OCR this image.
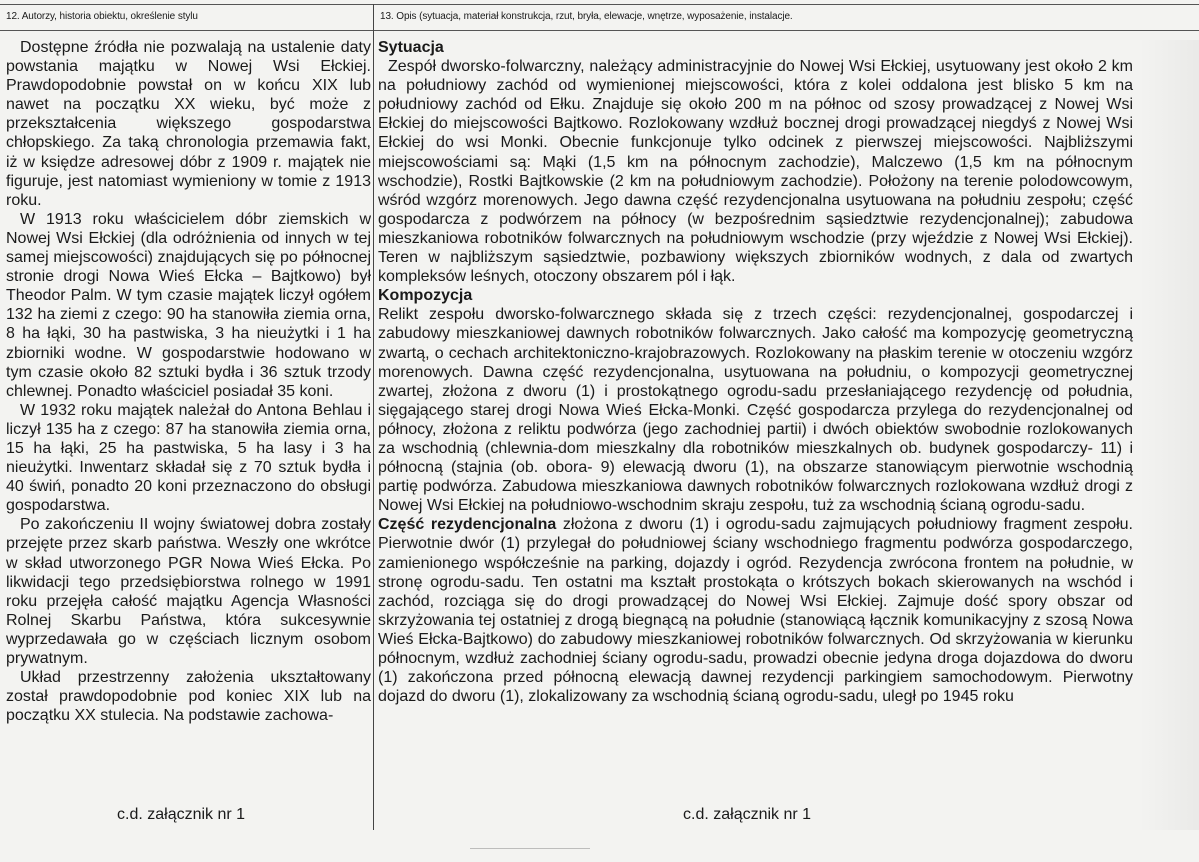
12. Autorzy, historia obiektu, określenie stylu	13. Opis (sytuacja, materiał konstrukcja, rzut, bryła, elewacje, wnętrze, wyposażenie, instalacje.

Dostępne źródła nie pozwalają na ustalenie daty powstania majątku w Nowej Wsi Ełckiej. Prawdopodobnie powstał on w końcu XIX lub nawet na początku XX wieku, być może z przekształcenia większego gospodarstwa chłopskiego. Za taką chronologia przemawia fakt, iż w księdze adresowej dóbr z 1909 r. majątek nie figuruje, jest natomiast wymieniony w tomie z 1913 roku.

W 1913 roku właścicielem dóbr ziemskich w Nowej Wsi Ełckiej (dla odróżnienia od innych w tej samej miejscowości) znajdujących się po północnej stronie drogi Nowa Wieś Ełcka – Bajtkowo) był Theodor Palm. W tym czasie majątek liczył ogółem 132 ha ziemi z czego: 90 ha stanowiła ziemia orna, 8 ha łąki, 30 ha pastwiska, 3 ha nieużytki i 1 ha zbiorniki wodne. W gospodarstwie hodowano w tym czasie około 82 sztuki bydła i 36 sztuk trzody chlewnej. Ponadto właściciel posiadał 35 koni.

W 1932 roku majątek należał do Antona Behlau i liczył 135 ha z czego: 87 ha stanowiła ziemia orna, 15 ha łąki, 25 ha pastwiska, 5 ha lasy i 3 ha nieużytki. Inwentarz składał się z 70 sztuk bydła i 40 świń, ponadto 20 koni przeznaczono do obsługi gospodarstwa.

Po zakończeniu II wojny światowej dobra zostały przejęte przez skarb państwa. Weszły one wkrótce w skład utworzonego PGR Nowa Wieś Ełcka. Po likwidacji tego przedsiębiorstwa rolnego w 1991 roku przejęła całość majątku Agencja Własności Rolnej Skarbu Państwa, która sukcesywnie wyprzedawała go w częściach licznym osobom prywatnym.

Układ przestrzenny założenia ukształtowany został prawdopodobnie pod koniec XIX lub na początku XX stulecia. Na podstawie zachowa-

c.d. załącznik nr 1
Sytuacja

Zespół dworsko-folwarczny, należący administracyjnie do Nowej Wsi Ełckiej, usytuowany jest około 2 km na południowy zachód od wymienionej miejscowości, która z kolei oddalona jest blisko 5 km na południowy zachód od Ełku. Znajduje się około 200 m na północ od szosy prowadzącej z Nowej Wsi Ełckiej do miejscowości Bajtkowo. Rozlokowany wzdłuż bocznej drogi prowadzącej niegdyś z Nowej Wsi Ełckiej do wsi Monki. Obecnie funkcjonuje tylko odcinek z pierwszej miejscowości. Najbliższymi miejscowościami są: Mąki (1,5 km na północnym zachodzie), Malczewo (1,5 km na północnym wschodzie), Rostki Bajtkowskie (2 km na południowym zachodzie). Położony na terenie polodowcowym, wśród wzgórz morenowych. Jego dawna część rezydencjonalna usytuowana na południu zespołu; część gospodarcza z podwórzem na północy (w bezpośrednim sąsiedztwie rezydencjonalnej); zabudowa mieszkaniowa robotników folwarcznych na południowym wschodzie (przy wjeździe z Nowej Wsi Ełckiej). Teren w najbliższym sąsiedztwie, pozbawiony większych zbiorników wodnych, z dala od zwartych kompleksów leśnych, otoczony obszarem pól i łąk.

Kompozycja

Relikt zespołu dworsko-folwarcznego składa się z trzech części: rezydencjonalnej, gospodarczej i zabudowy mieszkaniowej dawnych robotników folwarcznych. Jako całość ma kompozycję geometryczną zwartą, o cechach architektoniczno-krajobrazowych. Rozlokowany na płaskim terenie w otoczeniu wzgórz morenowych. Dawna część rezydencjonalna, usytuowana na południu, o kompozycji geometrycznej zwartej, złożona z dworu (1) i prostokątnego ogrodu-sadu przesłaniającego rezydencję od południa, sięgającego starej drogi Nowa Wieś Ełcka-Monki. Część gospodarcza przylega do rezydencjonalnej od północy, złożona z reliktu podwórza (jego zachodniej partii) i dwóch obiektów swobodnie rozlokowanych za wschodnią (chlewnia-dom mieszkalny dla robotników mieszkalnych ob. budynek gospodarczy- 11) i północną (stajnia (ob. obora- 9) elewacją dworu (1), na obszarze stanowiącym pierwotnie wschodnią partię podwórza. Zabudowa mieszkaniowa dawnych robotników folwarcznych rozlokowana wzdłuż drogi z Nowej Wsi Ełckiej na południowo-wschodnim skraju zespołu, tuż za wschodnią ścianą ogrodu-sadu.

Część rezydencjonalna złożona z dworu (1) i ogrodu-sadu zajmujących południowy fragment zespołu. Pierwotnie dwór (1) przylegał do południowej ściany wschodniego fragmentu podwórza gospodarczego, zamienionego współcześnie na parking, dojazdy i ogród. Rezydencja zwrócona frontem na południe, w stronę ogrodu-sadu. Ten ostatni ma kształt prostokąta o krótszych bokach skierowanych na wschód i zachód, rozciąga się do drogi prowadzącej do Nowej Wsi Ełckiej. Zajmuje dość spory obszar od skrzyżowania tej ostatniej z drogą biegnącą na południe (stanowiącą łącznik komunikacyjny z szosą Nowa Wieś Ełcka-Bajtkowo) do zabudowy mieszkaniowej robotników folwarcznych. Od skrzyżowania w kierunku północnym, wzdłuż zachodniej ściany ogrodu-sadu, prowadzi obecnie jedyna droga dojazdowa do dworu (1) zakończona przed północną elewacją dawnej rezydencji parkingiem samochodowym. Pierwotny dojazd do dworu (1), zlokalizowany za wschodnią ścianą ogrodu-sadu, uległ po 1945 roku

c.d. załącznik nr 1
